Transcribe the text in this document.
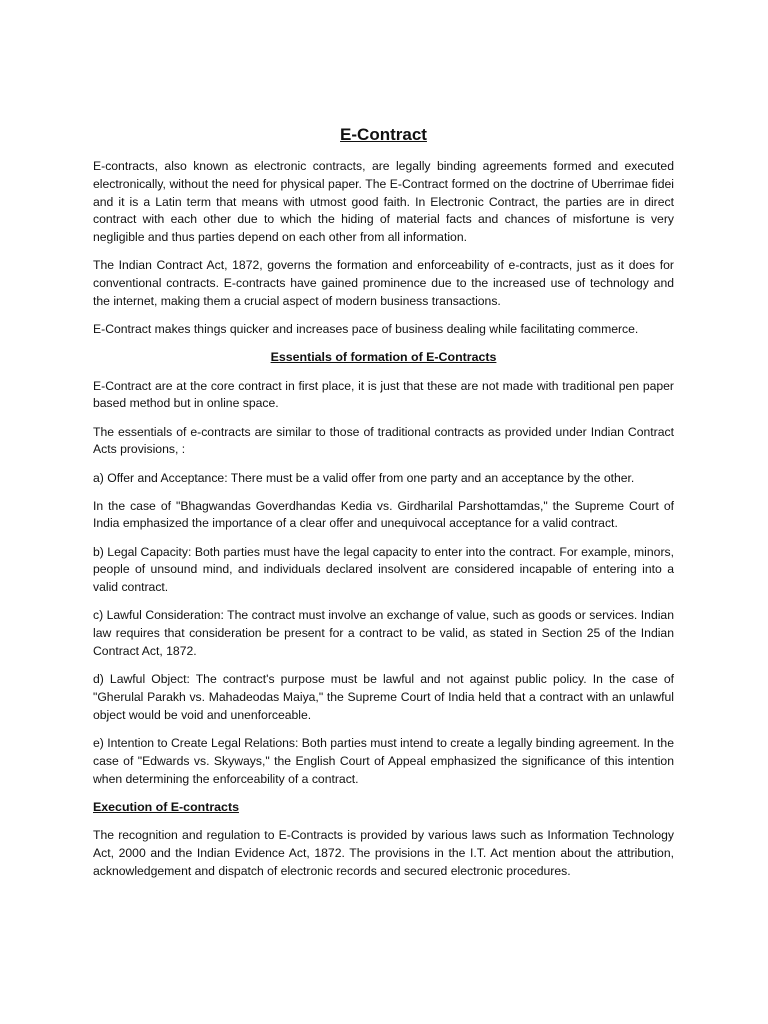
E-Contract

E-contracts, also known as electronic contracts, are legally binding agreements formed and executed electronically, without the need for physical paper. The E-Contract formed on the doctrine of Uberrimae fidei and it is a Latin term that means with utmost good faith. In Electronic Contract, the parties are in direct contract with each other due to which the hiding of material facts and chances of misfortune is very negligible and thus parties depend on each other from all information.

The Indian Contract Act, 1872, governs the formation and enforceability of e-contracts, just as it does for conventional contracts. E-contracts have gained prominence due to the increased use of technology and the internet, making them a crucial aspect of modern business transactions.

E-Contract makes things quicker and increases pace of business dealing while facilitating commerce.

Essentials of formation of E-Contracts

E-Contract are at the core contract in first place, it is just that these are not made with traditional pen paper based method but in online space.

The essentials of e-contracts are similar to those of traditional contracts as provided under Indian Contract Acts provisions, :

a) Offer and Acceptance: There must be a valid offer from one party and an acceptance by the other.

In the case of "Bhagwandas Goverdhandas Kedia vs. Girdharilal Parshottamdas," the Supreme Court of India emphasized the importance of a clear offer and unequivocal acceptance for a valid contract.

b) Legal Capacity: Both parties must have the legal capacity to enter into the contract. For example, minors, people of unsound mind, and individuals declared insolvent are considered incapable of entering into a valid contract.

c) Lawful Consideration: The contract must involve an exchange of value, such as goods or services. Indian law requires that consideration be present for a contract to be valid, as stated in Section 25 of the Indian Contract Act, 1872.

d) Lawful Object: The contract's purpose must be lawful and not against public policy. In the case of "Gherulal Parakh vs. Mahadeodas Maiya," the Supreme Court of India held that a contract with an unlawful object would be void and unenforceable.

e) Intention to Create Legal Relations: Both parties must intend to create a legally binding agreement. In the case of "Edwards vs. Skyways," the English Court of Appeal emphasized the significance of this intention when determining the enforceability of a contract.

Execution of E-contracts

The recognition and regulation to E-Contracts is provided by various laws such as Information Technology Act, 2000 and the Indian Evidence Act, 1872. The provisions in the I.T. Act mention about the attribution, acknowledgement and dispatch of electronic records and secured electronic procedures.
